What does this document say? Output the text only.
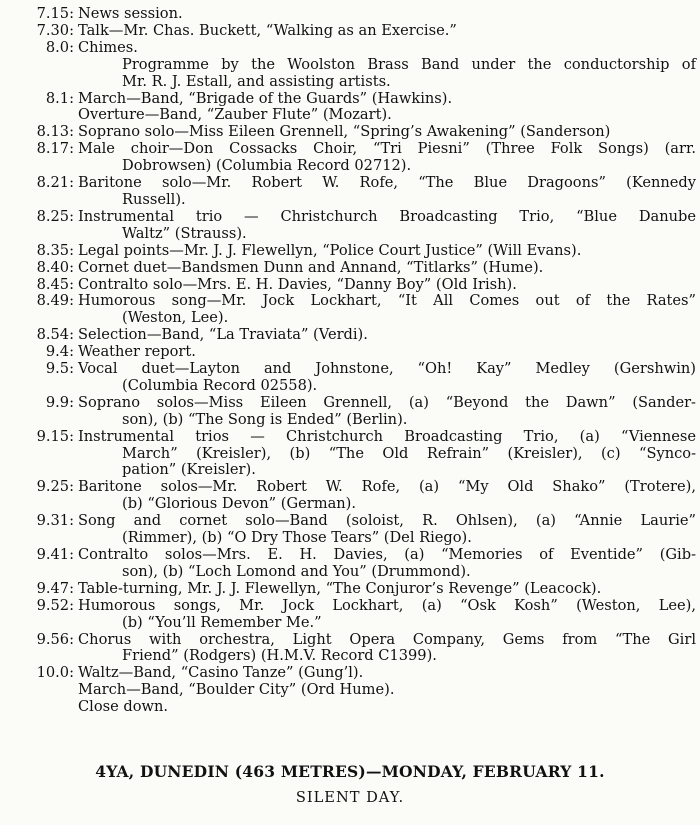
7.15: News session.
7.30: Talk—Mr. Chas. Buckett, “Walking as an Exercise.”
8.0: Chimes.
Programme by the Woolston Brass Band under the conductorship of
Mr. R. J. Estall, and assisting artists.
8.1: March—Band, “Brigade of the Guards” (Hawkins).
Overture—Band, “Zauber Flute” (Mozart).
8.13: Soprano solo—Miss Eileen Grennell, “Spring’s Awakening” (Sanderson)
8.17: Male choir—Don Cossacks Choir, “Tri Piesni” (Three Folk Songs) (arr.
Dobrowsen) (Columbia Record 02712).
8.21: Baritone solo—Mr. Robert W. Rofe, “The Blue Dragoons” (Kennedy
Russell).
8.25: Instrumental trio — Christchurch Broadcasting Trio, “Blue Danube
Waltz” (Strauss).
8.35: Legal points—Mr. J. J. Flewellyn, “Police Court Justice” (Will Evans).
8.40: Cornet duet—Bandsmen Dunn and Annand, “Titlarks” (Hume).
8.45: Contralto solo—Mrs. E. H. Davies, “Danny Boy” (Old Irish).
8.49: Humorous song—Mr. Jock Lockhart, “It All Comes out of the Rates”
(Weston, Lee).
8.54: Selection—Band, “La Traviata” (Verdi).
9.4: Weather report.
9.5: Vocal duet—Layton and Johnstone, “Oh! Kay” Medley (Gershwin)
(Columbia Record 02558).
9.9: Soprano solos—Miss Eileen Grennell, (a) “Beyond the Dawn” (Sander-
son), (b) “The Song is Ended” (Berlin).
9.15: Instrumental trios — Christchurch Broadcasting Trio, (a) “Viennese
March” (Kreisler), (b) “The Old Refrain” (Kreisler), (c) “Synco-
pation” (Kreisler).
9.25: Baritone solos—Mr. Robert W. Rofe, (a) “My Old Shako” (Trotere),
(b) “Glorious Devon” (German).
9.31: Song and cornet solo—Band (soloist, R. Ohlsen), (a) “Annie Laurie”
(Rimmer), (b) “O Dry Those Tears” (Del Riego).
9.41: Contralto solos—Mrs. E. H. Davies, (a) “Memories of Eventide” (Gib-
son), (b) “Loch Lomond and You” (Drummond).
9.47: Table-turning, Mr. J. J. Flewellyn, “The Conjuror’s Revenge” (Leacock).
9.52: Humorous songs, Mr. Jock Lockhart, (a) “Osk Kosh” (Weston, Lee),
(b) “You’ll Remember Me.”
9.56: Chorus with orchestra, Light Opera Company, Gems from “The Girl
Friend” (Rodgers) (H.M.V. Record C1399).
10.0: Waltz—Band, “Casino Tanze” (Gung’l).
March—Band, “Boulder City” (Ord Hume).
Close down.
4YA, DUNEDIN (463 METRES)—MONDAY, FEBRUARY 11.
SILENT DAY.
